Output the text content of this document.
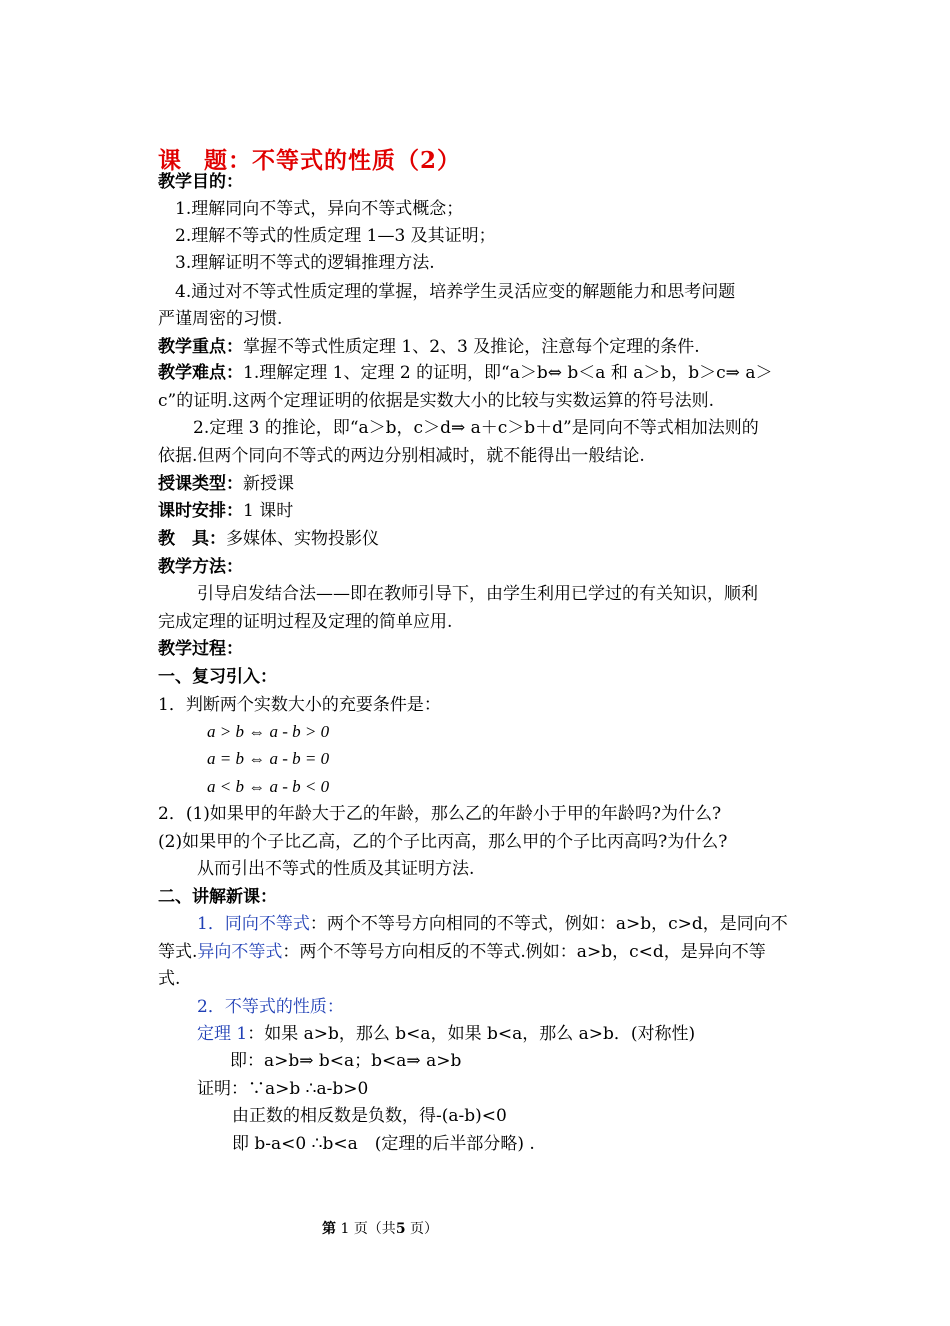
课 题：不等式的性质（2）
教学目的：
1.理解同向不等式，异向不等式概念；
2.理解不等式的性质定理 1—3 及其证明；
3.理解证明不等式的逻辑推理方法.
4.通过对不等式性质定理的掌握，培养学生灵活应变的解题能力和思考问题
严谨周密的习惯.
教学重点：掌握不等式性质定理 1、2、3 及推论，注意每个定理的条件.
教学难点：1.理解定理 1、定理 2 的证明，即“a＞b⇔ b＜a 和 a＞b，b＞c⇒ a＞
c”的证明.这两个定理证明的依据是实数大小的比较与实数运算的符号法则.
2.定理 3 的推论，即“a＞b，c＞d⇒ a＋c＞b＋d”是同向不等式相加法则的
依据.但两个同向不等式的两边分别相减时，就不能得出一般结论.
授课类型：新授课
课时安排：1 课时
教　具：多媒体、实物投影仪
教学方法：
引导启发结合法——即在教师引导下，由学生利用已学过的有关知识，顺利
完成定理的证明过程及定理的简单应用.
教学过程：
一、复习引入：
1．判断两个实数大小的充要条件是：
a > b ⇔ a - b > 0
a = b ⇔ a - b = 0
a < b ⇔ a - b < 0
2．(1)如果甲的年龄大于乙的年龄，那么乙的年龄小于甲的年龄吗?为什么?
(2)如果甲的个子比乙高，乙的个子比丙高，那么甲的个子比丙高吗?为什么?
从而引出不等式的性质及其证明方法.
二、讲解新课：
1．同向不等式：两个不等号方向相同的不等式，例如：a>b，c>d，是同向不
等式.异向不等式：两个不等号方向相反的不等式.例如：a>b，c<d，是异向不等
式.
2．不等式的性质：
定理 1：如果 a>b，那么 b<a，如果 b<a，那么 a>b．(对称性)
即：a>b⇒ b<a；b<a⇒ a>b
证明：∵a>b ∴a-b>0
由正数的相反数是负数，得-(a-b)<0
即 b-a<0 ∴b<a　(定理的后半部分略) .
第 1 页（共5 页）
